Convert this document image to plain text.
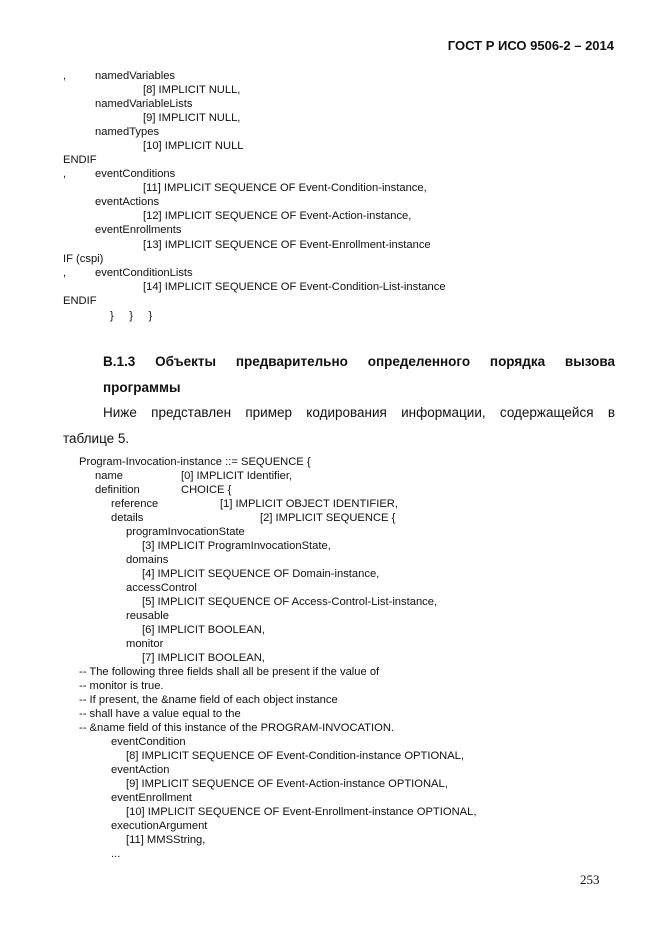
ГОСТ Р ИСО 9506-2 – 2014
,	namedVariables
[8] IMPLICIT NULL,
namedVariableLists
[9] IMPLICIT NULL,
namedTypes
[10] IMPLICIT NULL
ENDIF
,	eventConditions
[11] IMPLICIT SEQUENCE OF Event-Condition-instance,
eventActions
[12] IMPLICIT SEQUENCE OF Event-Action-instance,
eventEnrollments
[13] IMPLICIT SEQUENCE OF Event-Enrollment-instance
IF (cspi)
,	eventConditionLists
[14] IMPLICIT SEQUENCE OF Event-Condition-List-instance
ENDIF
}     }     }
B.1.3 Объекты предварительно определенного порядка вызова
программы
Ниже представлен пример кодирования информации, содержащейся в
таблице 5.
Program-Invocation-instance ::= SEQUENCE {
name	[0] IMPLICIT Identifier,
definition	CHOICE {
reference	[1] IMPLICIT OBJECT IDENTIFIER,
details	[2] IMPLICIT SEQUENCE {
programInvocationState
[3] IMPLICIT ProgramInvocationState,
domains
[4] IMPLICIT SEQUENCE OF Domain-instance,
accessControl
[5] IMPLICIT SEQUENCE OF Access-Control-List-instance,
reusable
[6] IMPLICIT BOOLEAN,
monitor
[7] IMPLICIT BOOLEAN,
-- The following three fields shall all be present if the value of
-- monitor is true.
-- If present, the &name field of each object instance
-- shall have a value equal to the
-- &name field of this instance of the PROGRAM-INVOCATION.
eventCondition
[8] IMPLICIT SEQUENCE OF Event-Condition-instance OPTIONAL,
eventAction
[9] IMPLICIT SEQUENCE OF Event-Action-instance OPTIONAL,
eventEnrollment
[10] IMPLICIT SEQUENCE OF Event-Enrollment-instance OPTIONAL,
executionArgument
[11] MMSString,
...
253
